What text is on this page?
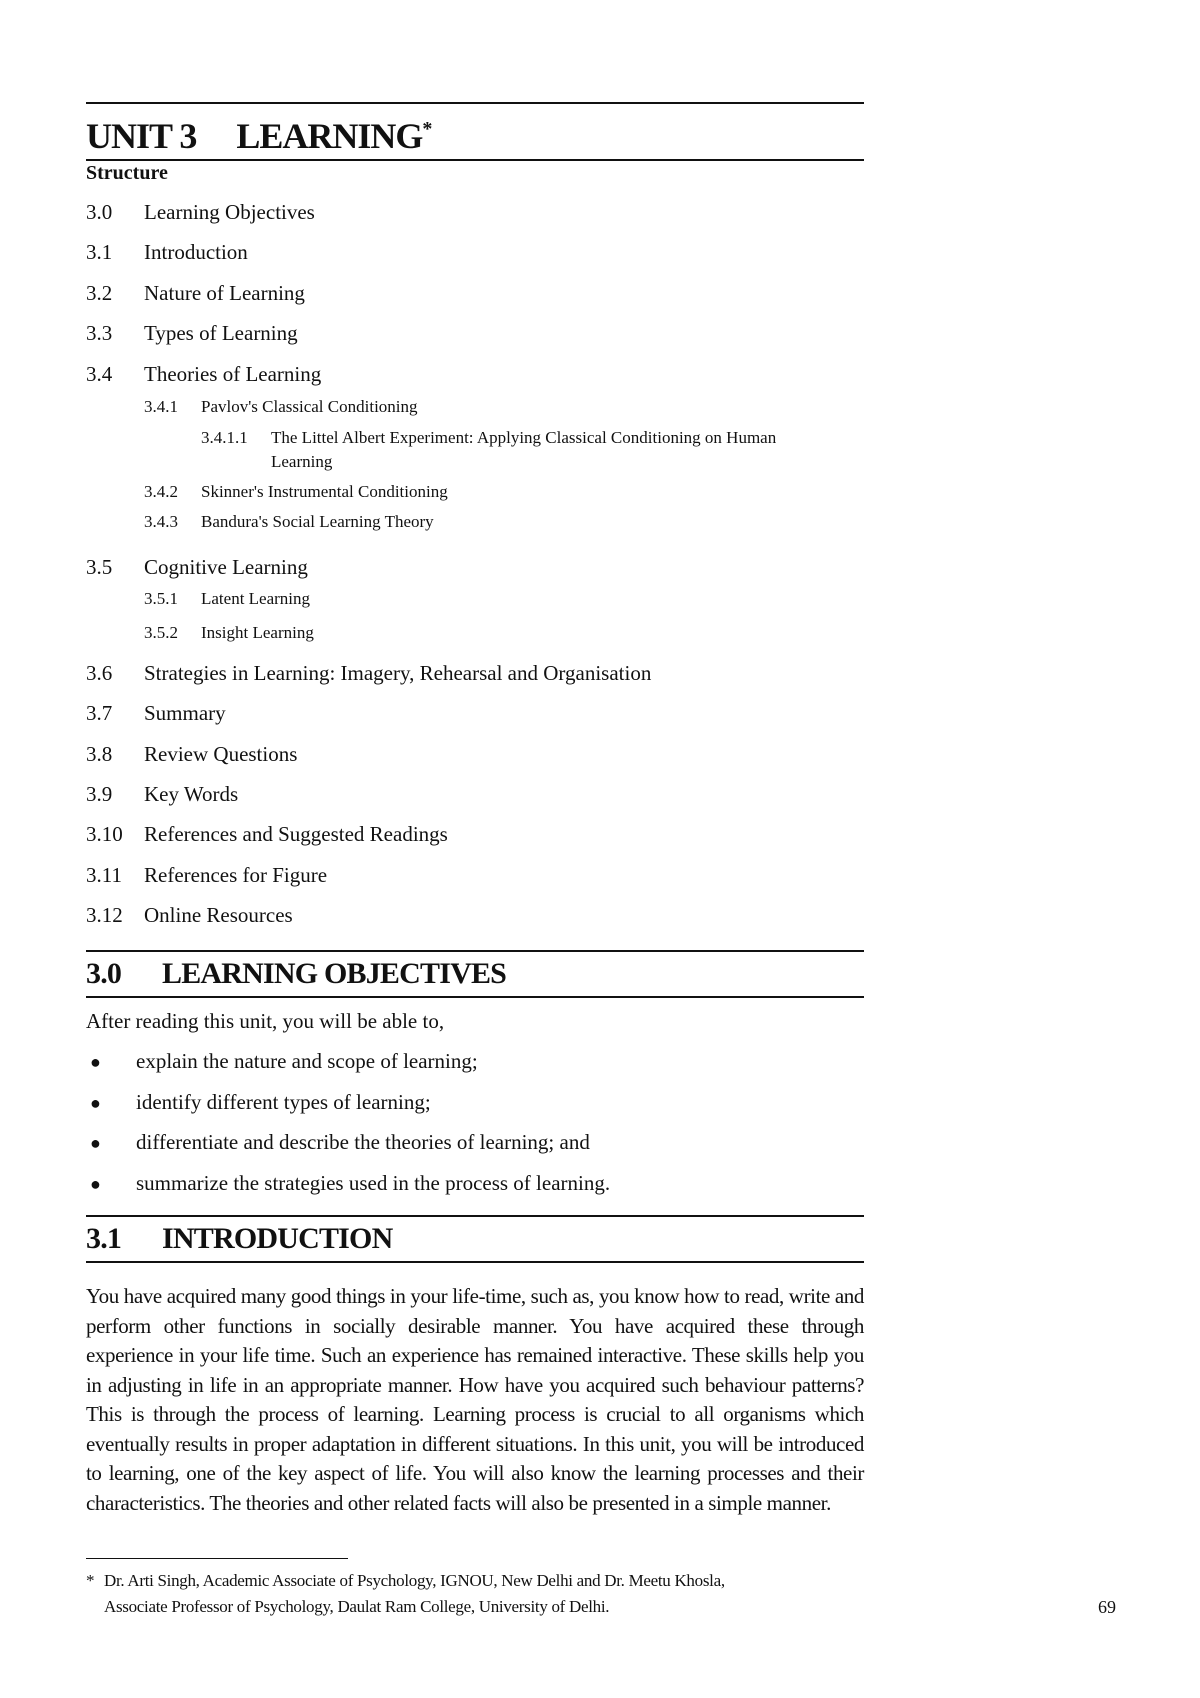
UNIT 3 LEARNING*
Structure
3.0 Learning Objectives
3.1 Introduction
3.2 Nature of Learning
3.3 Types of Learning
3.4 Theories of Learning
3.4.1 Pavlov's Classical Conditioning
3.4.1.1 The Littel Albert Experiment: Applying Classical Conditioning on Human
Learning
3.4.2 Skinner's Instrumental Conditioning
3.4.3 Bandura's Social Learning Theory
3.5 Cognitive Learning
3.5.1 Latent Learning
3.5.2 Insight Learning
3.6 Strategies in Learning: Imagery, Rehearsal and Organisation
3.7 Summary
3.8 Review Questions
3.9 Key Words
3.10 References and Suggested Readings
3.11 References for Figure
3.12 Online Resources
3.0 LEARNING OBJECTIVES
After reading this unit, you will be able to,
● explain the nature and scope of learning;
● identify different types of learning;
● differentiate and describe the theories of learning; and
● summarize the strategies used in the process of learning.
3.1 INTRODUCTION
You have acquired many good things in your life-time, such as, you know how to read, write and perform other functions in socially desirable manner. You have acquired these through experience in your life time. Such an experience has remained interactive. These skills help you in adjusting in life in an appropriate manner. How have you acquired such behaviour patterns? This is through the process of learning. Learning process is crucial to all organisms which eventually results in proper adaptation in different situations. In this unit, you will be introduced to learning, one of the key aspect of life. You will also know the learning processes and their characteristics. The theories and other related facts will also be presented in a simple manner.
* Dr. Arti Singh, Academic Associate of Psychology, IGNOU, New Delhi and Dr. Meetu Khosla,
Associate Professor of Psychology, Daulat Ram College, University of Delhi.	69
